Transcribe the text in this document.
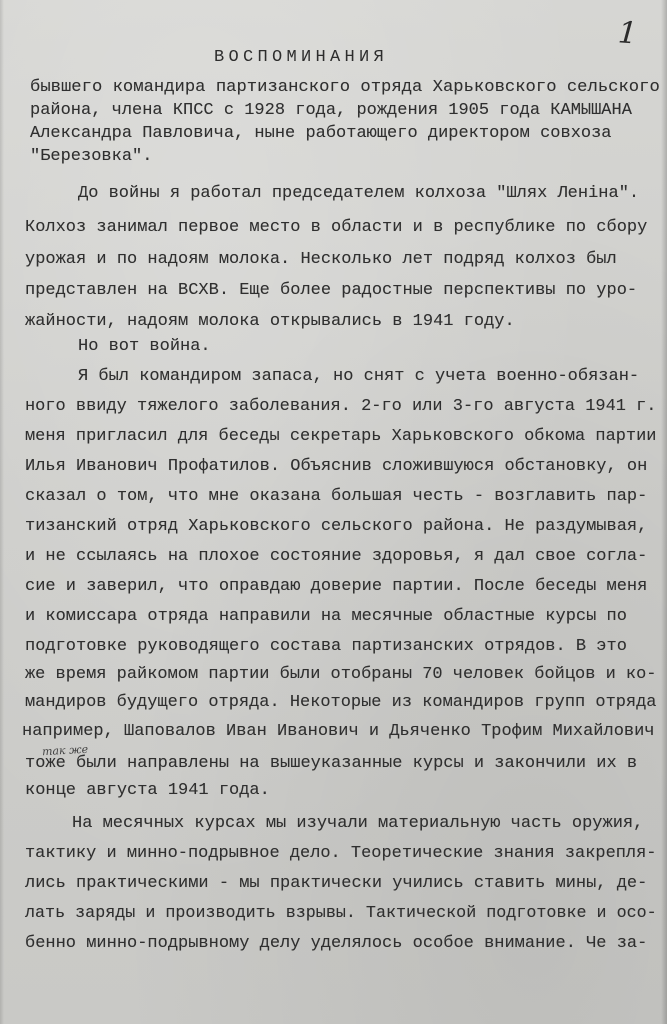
1
ВОСПОМИНАНИЯ
бывшего командира партизанского отряда Харьковского сельского
района, члена КПСС с 1928 года, рождения 1905 года КАМЫШАНА
Александра Павловича, ныне работающего директором совхоза
"Березовка".
До войны я работал председателем колхоза "Шлях Ленiна".
Колхоз занимал первое место в области и в республике по сбору
урожая и по надоям молока. Несколько лет подряд колхоз был
представлен на ВСХВ. Еще более радостные перспективы по уро-
жайности, надоям молока открывались в 1941 году.
Но вот война.
Я был командиром запаса, но снят с учета военно-обязан-
ного ввиду тяжелого заболевания. 2-го или 3-го августа 1941 г.
меня пригласил для беседы секретарь Харьковского обкома партии
Илья Иванович Профатилов. Объяснив сложившуюся обстановку, он
сказал о том, что мне оказана большая честь - возглавить пар-
тизанский отряд Харьковского сельского района. Не раздумывая,
и не ссылаясь на плохое состояние здоровья, я дал свое согла-
сие и заверил, что оправдаю доверие партии. После беседы меня
и комиссара отряда направили на месячные областные курсы по
подготовке руководящего состава партизанских отрядов. В это
же время райкомом партии были отобраны 70 человек бойцов и ко-
мандиров будущего отряда. Некоторые из командиров групп отряда
например, Шаповалов Иван Иванович и Дьяченко Трофим Михайлович
так же
тоже были направлены на вышеуказанные курсы и закончили их в
конце августа 1941 года.
На месячных курсах мы изучали материальную часть оружия,
тактику и минно-подрывное дело. Теоретические знания закрепля-
лись практическими - мы практически учились ставить мины, де-
лать заряды и производить взрывы. Тактической подготовке и осо-
бенно минно-подрывному делу уделялось особое внимание. Че за-
